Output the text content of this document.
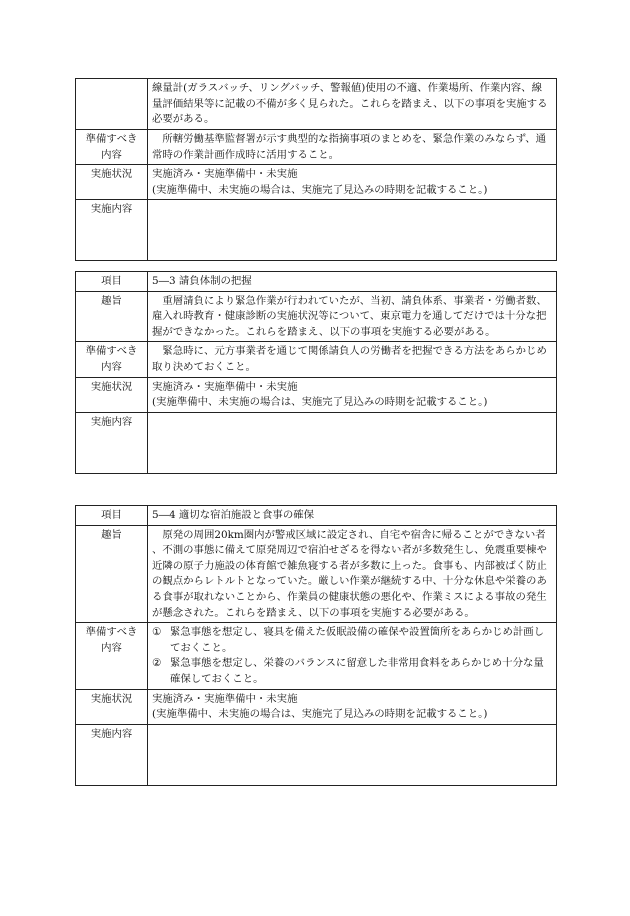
	線量計(ガラスバッチ、リングバッチ、警報値)使用の不適、作業場所、作業内容、線量評価結果等に記載の不備が多く見られた。これらを踏まえ、以下の事項を実施する必要がある。
準備すべき内容	所轄労働基準監督署が示す典型的な指摘事項のまとめを、緊急作業のみならず、通常時の作業計画作成時に活用すること。

実施状況	実施済み・実施準備中・未実施
(実施準備中、未実施の場合は、実施完了見込みの時期を記載すること。)

実施内容	
項目	5―3 請負体制の把握
趣旨	重層請負により緊急作業が行われていたが、当初、請負体系、事業者・労働者数、雇入れ時教育・健康診断の実施状況等について、東京電力を通してだけでは十分な把握ができなかった。これらを踏まえ、以下の事項を実施する必要がある。

準備すべき内容	緊急時に、元方事業者を通じて関係請負人の労働者を把握できる方法をあらかじめ取り決めておくこと。

実施状況	実施済み・実施準備中・未実施
(実施準備中、未実施の場合は、実施完了見込みの時期を記載すること。)

実施内容	
項目	5―4 適切な宿泊施設と食事の確保
趣旨	原発の周囲20km圏内が警戒区域に設定され、自宅や宿舎に帰ることができない者、不測の事態に備えて原発周辺で宿泊せざるを得ない者が多数発生し、免震重要棟や近隣の原子力施設の体育館で雑魚寝する者が多数に上った。食事も、内部被ばく防止の観点からレトルトとなっていた。厳しい作業が継続する中、十分な休息や栄養のある食事が取れないことから、作業員の健康状態の悪化や、作業ミスによる事故の発生が懸念された。これらを踏まえ、以下の事項を実施する必要がある。

準備すべき内容	① 緊急事態を想定し、寝具を備えた仮眠設備の確保や設置箇所をあらかじめ計画しておくこと。
② 緊急事態を想定し、栄養のバランスに留意した非常用食料をあらかじめ十分な量確保しておくこと。

実施状況	実施済み・実施準備中・未実施
(実施準備中、未実施の場合は、実施完了見込みの時期を記載すること。)

実施内容	
